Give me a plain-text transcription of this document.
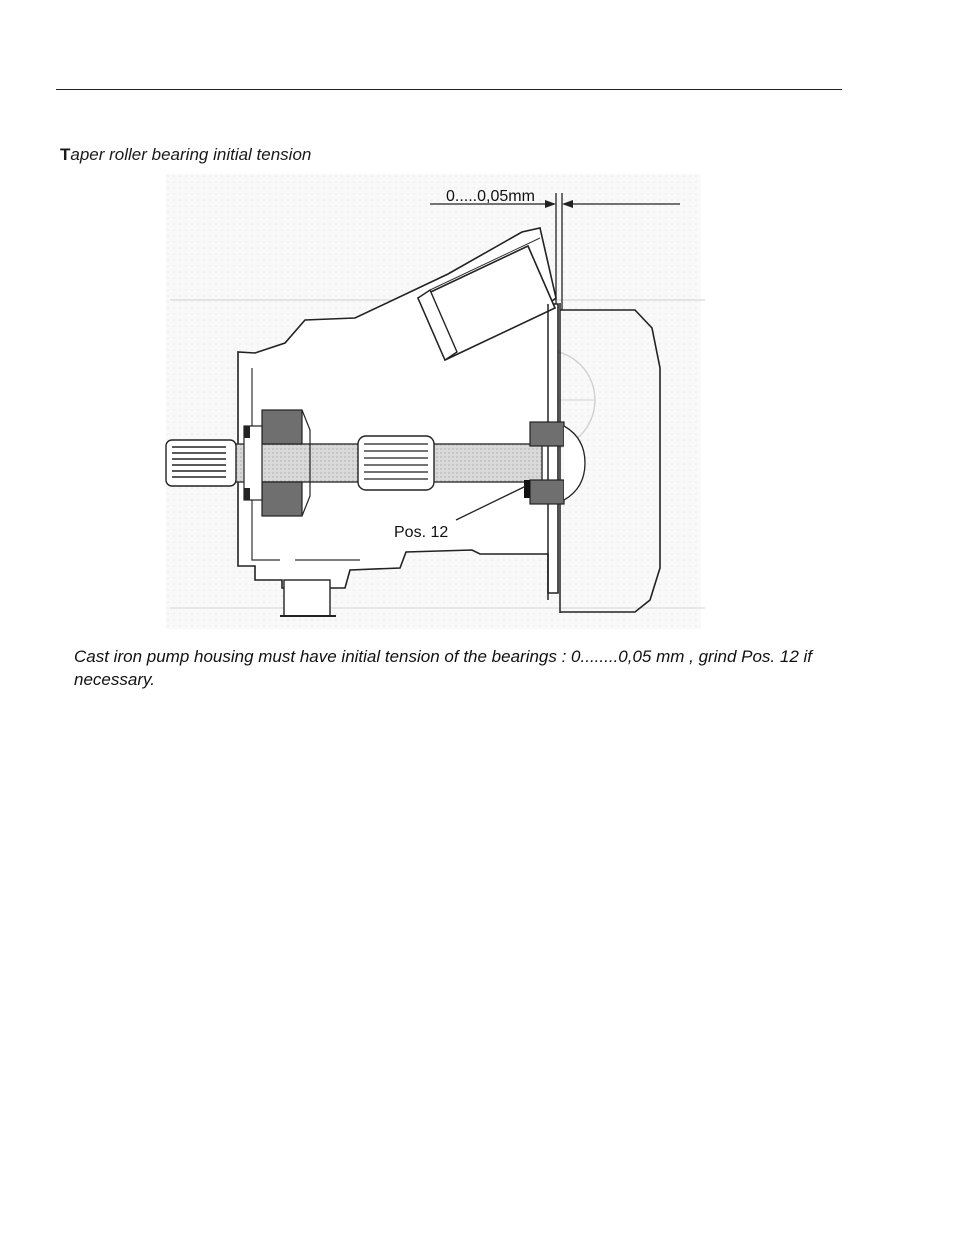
Taper roller bearing initial tension
0.....0,05mm
Pos. 12
Cast iron pump housing must have initial tension of the bearings : 0........0,05 mm , grind Pos. 12 if necessary.
